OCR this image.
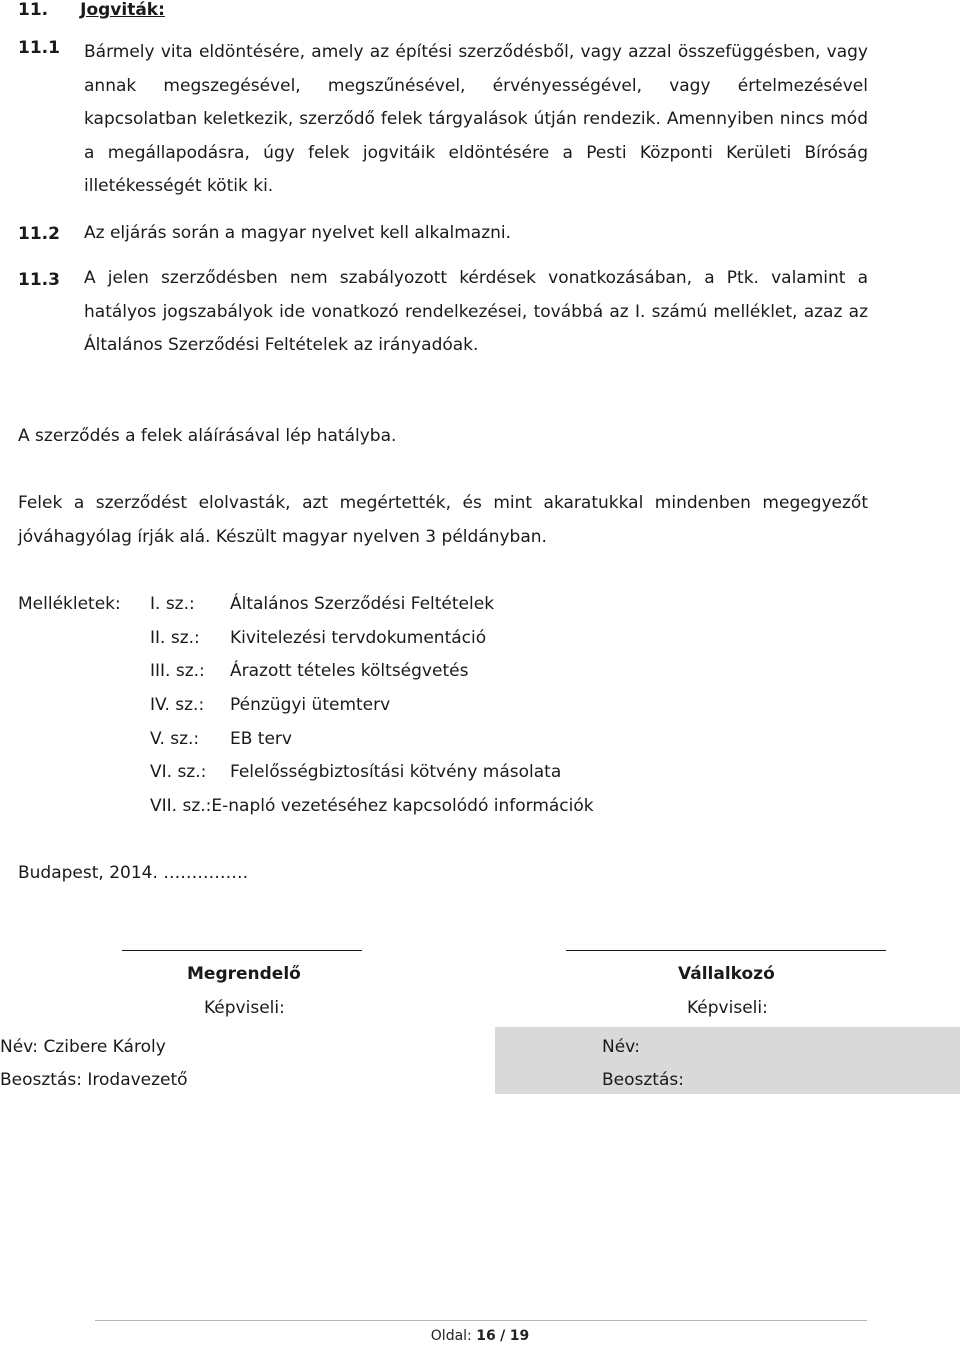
11. Jogviták:
11.1 Bármely vita eldöntésére, amely az építési szerződésből, vagy azzal összefüggésben, vagy annak megszegésével, megszűnésével, érvényességével, vagy értelmezésével kapcsolatban keletkezik, szerződő felek tárgyalások útján rendezik. Amennyiben nincs mód a megállapodásra, úgy felek jogvitáik eldöntésére a Pesti Központi Kerületi Bíróság illetékességét kötik ki.
11.2 Az eljárás során a magyar nyelvet kell alkalmazni.
11.3 A jelen szerződésben nem szabályozott kérdések vonatkozásában, a Ptk. valamint a hatályos jogszabályok ide vonatkozó rendelkezései, továbbá az I. számú melléklet, azaz az Általános Szerződési Feltételek az irányadóak.
A szerződés a felek aláírásával lép hatályba.
Felek a szerződést elolvasták, azt megértették, és mint akaratukkal mindenben megegyezőt jóváhagyólag írják alá. Készült magyar nyelven 3 példányban.
Mellékletek: I. sz.: Általános Szerződési Feltételek
II. sz.: Kivitelezési tervdokumentáció
III. sz.: Árazott tételes költségvetés
IV. sz.: Pénzügyi ütemterv
V. sz.: EB terv
VI. sz.: Felelősségbiztosítási kötvény másolata
VII. sz.:E-napló vezetéséhez kapcsolódó információk
Budapest, 2014. ……………
Megrendelő
Képviseli:
Név: Czibere Károly
Beosztás: Irodavezető
Vállalkozó
Képviseli:
Név:
Beosztás:
Oldal: 16 / 19
